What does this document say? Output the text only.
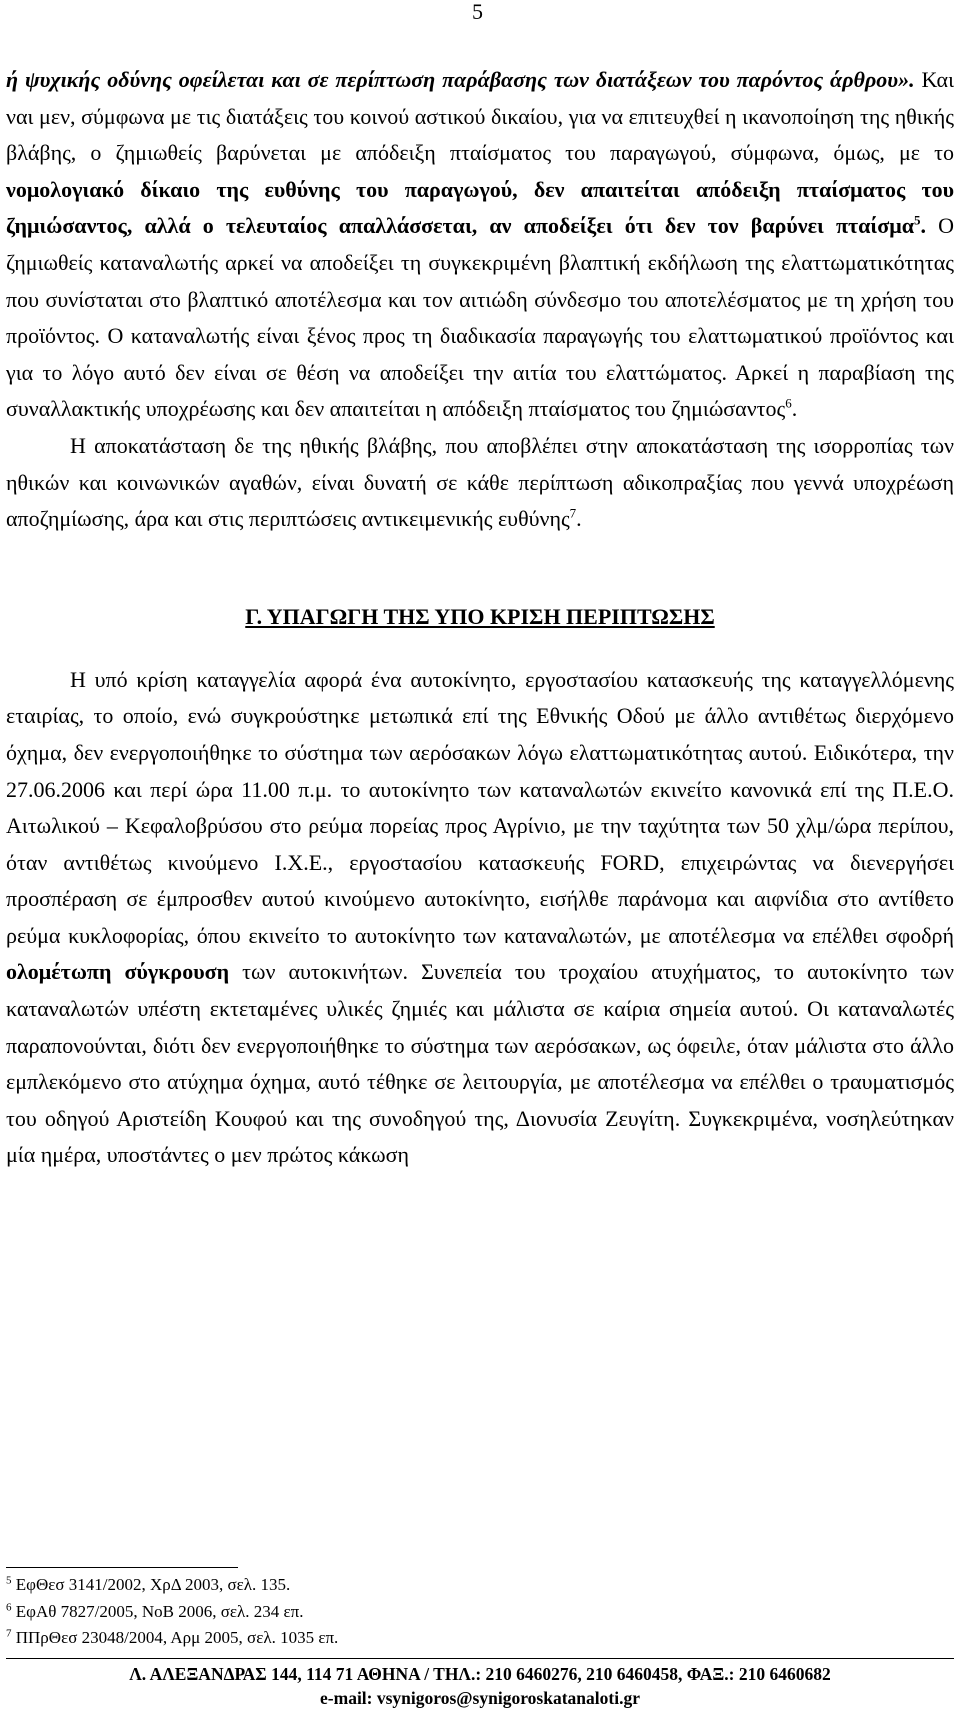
5

ή ψυχικής οδύνης οφείλεται και σε περίπτωση παράβασης των διατάξεων του παρόντος άρθρου». Και ναι μεν, σύμφωνα με τις διατάξεις του κοινού αστικού δικαίου, για να επιτευχθεί η ικανοποίηση της ηθικής βλάβης, ο ζημιωθείς βαρύνεται με απόδειξη πταίσματος του παραγωγού, σύμφωνα, όμως, με το νομολογιακό δίκαιο της ευθύνης του παραγωγού, δεν απαιτείται απόδειξη πταίσματος του ζημιώσαντος, αλλά ο τελευταίος απαλλάσσεται, αν αποδείξει ότι δεν τον βαρύνει πταίσμα$^5$. Ο ζημιωθείς καταναλωτής αρκεί να αποδείξει τη συγκεκριμένη βλαπτική εκδήλωση της ελαττωματικότητας που συνίσταται στο βλαπτικό αποτέλεσμα και τον αιτιώδη σύνδεσμο του αποτελέσματος με τη χρήση του προϊόντος. Ο καταναλωτής είναι ξένος προς τη διαδικασία παραγωγής του ελαττωματικού προϊόντος και για το λόγο αυτό δεν είναι σε θέση να αποδείξει την αιτία του ελαττώματος. Αρκεί η παραβίαση της συναλλακτικής υποχρέωσης και δεν απαιτείται η απόδειξη πταίσματος του ζημιώσαντος$^6$.

Η αποκατάσταση δε της ηθικής βλάβης, που αποβλέπει στην αποκατάσταση της ισορροπίας των ηθικών και κοινωνικών αγαθών, είναι δυνατή σε κάθε περίπτωση αδικοπραξίας που γεννά υποχρέωση αποζημίωσης, άρα και στις περιπτώσεις αντικειμενικής ευθύνης$^7$.

Γ. ΥΠΑΓΩΓΗ ΤΗΣ ΥΠΟ ΚΡΙΣΗ ΠΕΡΙΠΤΩΣΗΣ

Η υπό κρίση καταγγελία αφορά ένα αυτοκίνητο, εργοστασίου κατασκευής της καταγγελλόμενης εταιρίας, το οποίο, ενώ συγκρούστηκε μετωπικά επί της Εθνικής Οδού με άλλο αντιθέτως διερχόμενο όχημα, δεν ενεργοποιήθηκε το σύστημα των αερόσακων λόγω ελαττωματικότητας αυτού. Ειδικότερα, την 27.06.2006 και περί ώρα 11.00 π.μ. το αυτοκίνητο των καταναλωτών εκινείτο κανονικά επί της Π.Ε.Ο. Αιτωλικού – Κεφαλοβρύσου στο ρεύμα πορείας προς Αγρίνιο, με την ταχύτητα των 50 χλμ/ώρα περίπου, όταν αντιθέτως κινούμενο Ι.Χ.Ε., εργοστασίου κατασκευής FORD, επιχειρώντας να διενεργήσει προσπέραση σε έμπροσθεν αυτού κινούμενο αυτοκίνητο, εισήλθε παράνομα και αιφνίδια στο αντίθετο ρεύμα κυκλοφορίας, όπου εκινείτο το αυτοκίνητο των καταναλωτών, με αποτέλεσμα να επέλθει σφοδρή ολομέτωπη σύγκρουση των αυτοκινήτων. Συνεπεία του τροχαίου ατυχήματος, το αυτοκίνητο των καταναλωτών υπέστη εκτεταμένες υλικές ζημιές και μάλιστα σε καίρια σημεία αυτού. Οι καταναλωτές παραπονούνται, διότι δεν ενεργοποιήθηκε το σύστημα των αερόσακων, ως όφειλε, όταν μάλιστα στο άλλο εμπλεκόμενο στο ατύχημα όχημα, αυτό τέθηκε σε λειτουργία, με αποτέλεσμα να επέλθει ο τραυματισμός του οδηγού Αριστείδη Κουφού και της συνοδηγού της, Διονυσία Ζευγίτη. Συγκεκριμένα, νοσηλεύτηκαν μία ημέρα, υποστάντες ο μεν πρώτος κάκωση

$^5$ ΕφΘεσ 3141/2002, ΧρΔ 2003, σελ. 135.

$^6$ ΕφΑθ 7827/2005, ΝοΒ 2006, σελ. 234 επ.

$^7$ ΠΠρΘεσ 23048/2004, Αρμ 2005, σελ. 1035 επ.

Λ. ΑΛΕΞΑΝΔΡΑΣ 144, 114 71 ΑΘΗΝΑ / ΤΗΛ.: 210 6460276, 210 6460458, ΦΑΞ.: 210 6460682
e-mail: vsynigoros@synigoroskatanaloti.gr
